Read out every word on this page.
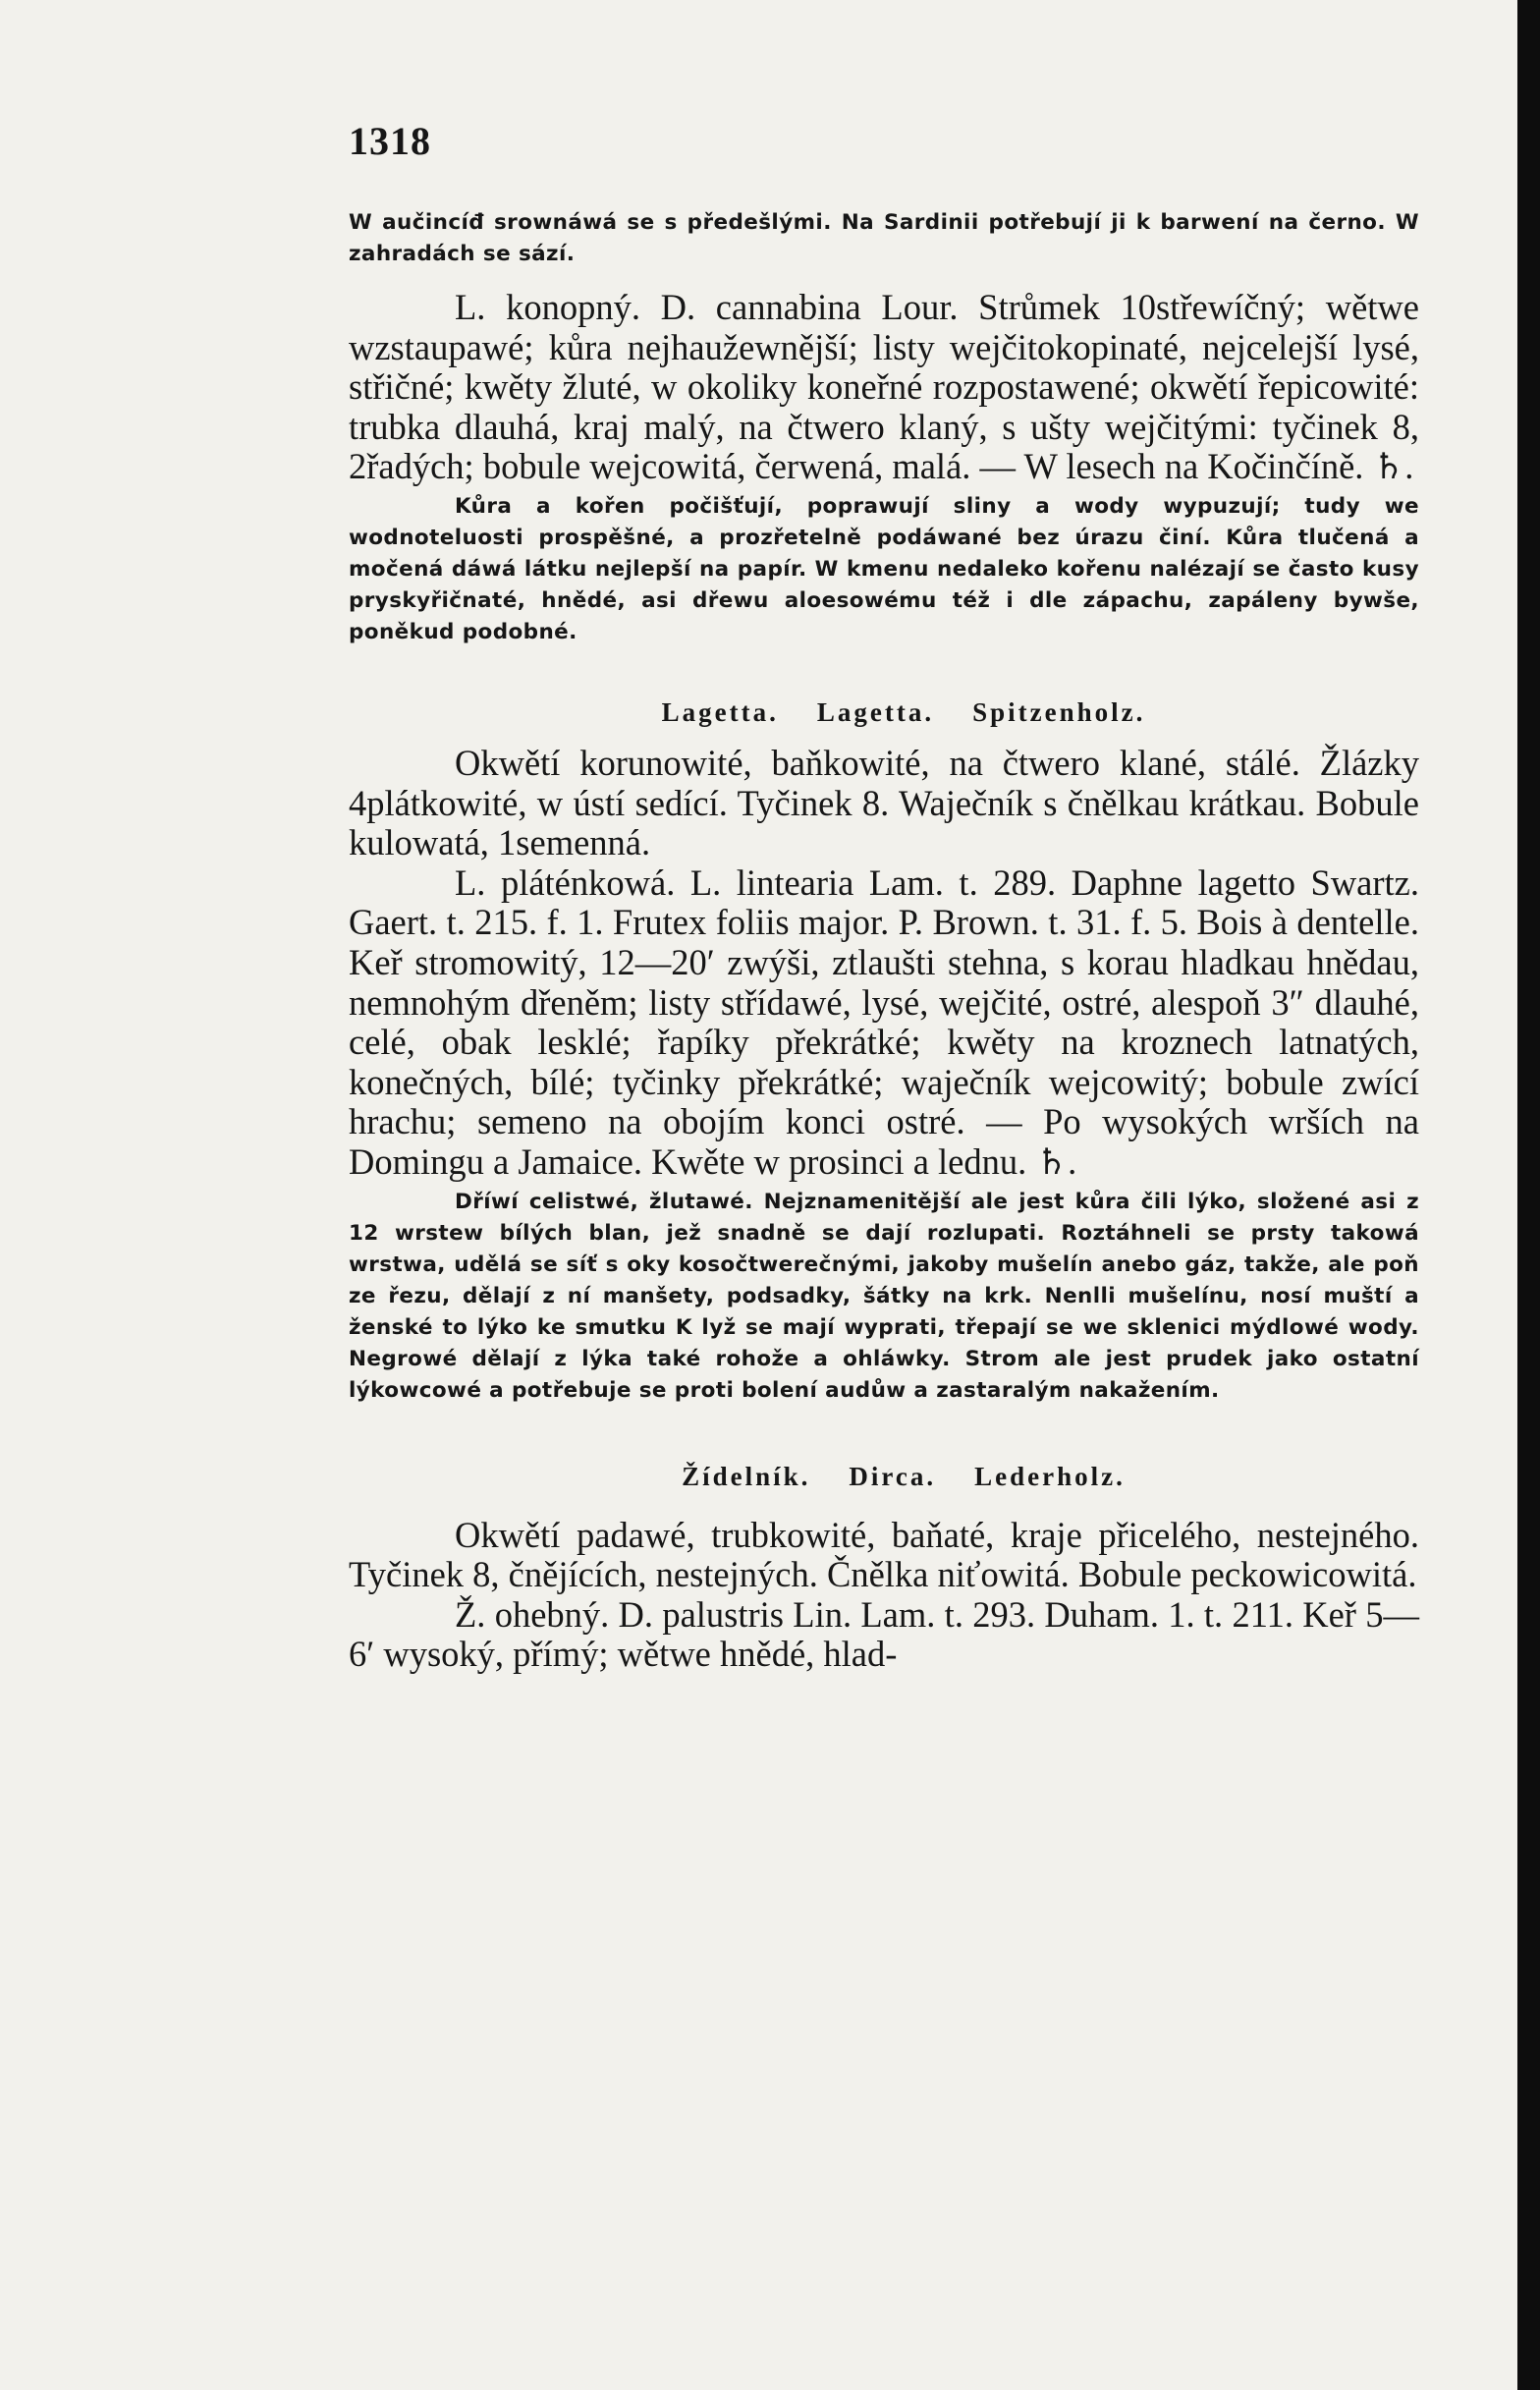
1318

W aučincíđ srownáwá se s předešlými. Na Sardinii potřebují ji k barwení na černo. W zahradách se sází.

L. konopný. D. cannabina Lour. Strůmek 10střewíčný; wětwe wzstaupawé; kůra nejhaužewnější; listy wejčitokopinaté, nejcelejší lysé, střičné; kwěty žluté, w okoliky koneřné rozpostawené; okwětí řepicowité: trubka dlauhá, kraj malý, na čtwero klaný, s ušty wejčitými: tyčinek 8, 2řadých; bobule wejcowitá, čerwená, malá. — W lesech na Kočinčíně. ♄.

Kůra a kořen počišťují, poprawují sliny a wody wypuzují; tudy we wodnoteluosti prospěšné, a prozřetelně podáwané bez úrazu činí. Kůra tlučená a močená dáwá látku nejlepší na papír. W kmenu nedaleko kořenu nalézají se často kusy pryskyřičnaté, hnědé, asi dřewu aloesowému též i dle zápachu, zapáleny bywše, poněkud podobné.

Lagetta. Lagetta. Spitzenholz.

Okwětí korunowité, baňkowité, na čtwero klané, stálé. Žlázky 4plátkowité, w ústí sedící. Tyčinek 8. Waječník s čnělkau krátkau. Bobule kulowatá, 1semenná.

L. pláténkowá. L. lintearia Lam. t. 289. Daphne lagetto Swartz. Gaert. t. 215. f. 1. Frutex foliis major. P. Brown. t. 31. f. 5. Bois à dentelle. Keř stromowitý, 12—20′ zwýši, ztlaušti stehna, s korau hladkau hnědau, nemnohým dřeněm; listy střídawé, lysé, wejčité, ostré, alespoň 3″ dlauhé, celé, obak lesklé; řapíky překrátké; kwěty na kroznech latnatých, konečných, bílé; tyčinky překrátké; waječník wejcowitý; bobule zwící hrachu; semeno na obojím konci ostré. — Po wysokých wrších na Domingu a Jamaice. Kwěte w prosinci a lednu. ♄.

Dříwí celistwé, žlutawé. Nejznamenitější ale jest kůra čili lýko, složené asi z 12 wrstew bílých blan, jež snadně se dají rozlupati. Roztáhneli se prsty takowá wrstwa, udělá se síť s oky kosočtwerečnými, jakoby mušelín anebo gáz, takže, ale poň ze řezu, dělají z ní manšety, podsadky, šátky na krk. Nenlli mušelínu, nosí muští a ženské to lýko ke smutku K lyž se mají wyprati, třepají se we sklenici mýdlowé wody. Negrowé dělají z lýka také rohože a ohláwky. Strom ale jest prudek jako ostatní lýkowcowé a potřebuje se proti bolení audůw a zastaralým nakažením.

Žídelník. Dirca. Lederholz.

Okwětí padawé, trubkowité, baňaté, kraje přicelého, nestejného. Tyčinek 8, čnějících, nestejných. Čnělka niťowitá. Bobule peckowicowitá.

Ž. ohebný. D. palustris Lin. Lam. t. 293. Duham. 1. t. 211. Keř 5—6′ wysoký, přímý; wětwe hnědé, hlad-
